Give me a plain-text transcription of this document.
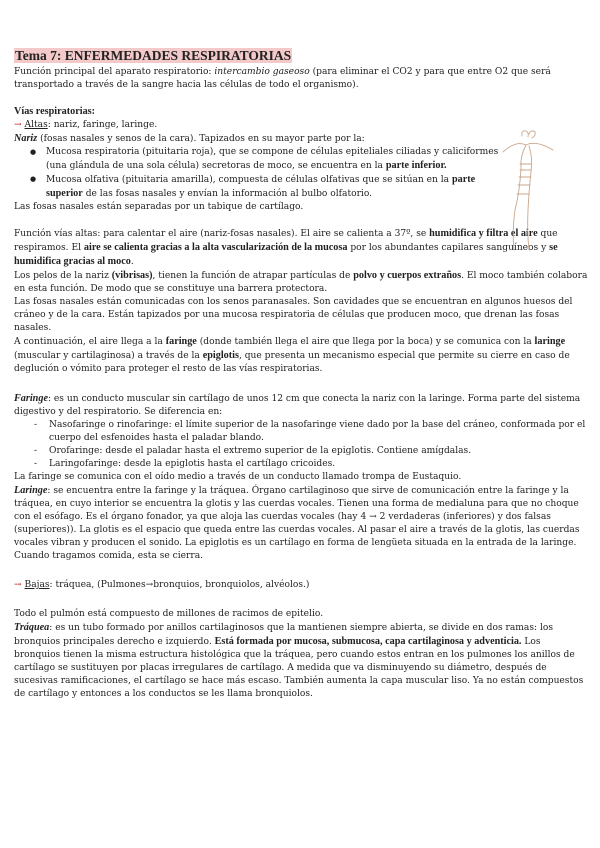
Tema 7: ENFERMEDADES RESPIRATORIAS

Función principal del aparato respiratorio: intercambio gaseoso (para eliminar el CO2 y para que entre O2 que será transportado a través de la sangre hacia las células de todo el organismo).

Vías respiratorias:

→ Altas: nariz, faringe, laringe.

Nariz (fosas nasales y senos de la cara). Tapizados en su mayor parte por la:

● Mucosa respiratoria (pituitaria roja), que se compone de células epiteliales ciliadas y caliciformes (una glándula de una sola célula) secretoras de moco, se encuentra en la parte inferior.
● Mucosa olfativa (pituitaria amarilla), compuesta de células olfativas que se sitúan en la parte superior de las fosas nasales y envían la información al bulbo olfatorio.

Las fosas nasales están separadas por un tabique de cartílago.

Función vías altas: para calentar el aire (nariz-fosas nasales). El aire se calienta a 37º, se humidifica y filtra el aire que respiramos. El aire se calienta gracias a la alta vascularización de la mucosa por los abundantes capilares sanguíneos y se humidifica gracias al moco.

Los pelos de la nariz (vibrisas), tienen la función de atrapar partículas de polvo y cuerpos extraños. El moco también colabora en esta función. De modo que se constituye una barrera protectora.

Las fosas nasales están comunicadas con los senos paranasales. Son cavidades que se encuentran en algunos huesos del cráneo y de la cara. Están tapizados por una mucosa respiratoria de células que producen moco, que drenan las fosas nasales.

A continuación, el aire llega a la faringe (donde también llega el aire que llega por la boca) y se comunica con la laringe (muscular y cartilaginosa) a través de la epiglotis, que presenta un mecanismo especial que permite su cierre en caso de deglución o vómito para proteger el resto de las vías respiratorias.

Faringe: es un conducto muscular sin cartílago de unos 12 cm que conecta la nariz con la laringe. Forma parte del sistema digestivo y del respiratorio. Se diferencia en:

- Nasofaringe o rinofaringe: el límite superior de la nasofaringe viene dado por la base del cráneo, conformada por el cuerpo del esfenoides hasta el paladar blando.
- Orofaringe: desde el paladar hasta el extremo superior de la epiglotis. Contiene amígdalas.
- Laringofaringe: desde la epiglotis hasta el cartílago cricoides.

La faringe se comunica con el oído medio a través de un conducto llamado trompa de Eustaquio.

Laringe: se encuentra entre la faringe y la tráquea. Órgano cartilaginoso que sirve de comunicación entre la faringe y la tráquea, en cuyo interior se encuentra la glotis y las cuerdas vocales. Tienen una forma de medialuna para que no choque con el esófago. Es el órgano fonador, ya que aloja las cuerdas vocales (hay 4 → 2 verdaderas (inferiores) y dos falsas (superiores)). La glotis es el espacio que queda entre las cuerdas vocales. Al pasar el aire a través de la glotis, las cuerdas vocales vibran y producen el sonido. La epiglotis es un cartílago en forma de lengüeta situada en la entrada de la laringe. Cuando tragamos comida, esta se cierra.

→ Bajas: tráquea, (Pulmones→bronquios, bronquiolos, alvéolos.)

Todo el pulmón está compuesto de millones de racimos de epitelio.

Tráquea: es un tubo formado por anillos cartilaginosos que la mantienen siempre abierta, se divide en dos ramas: los bronquios principales derecho e izquierdo. Está formada por mucosa, submucosa, capa cartilaginosa y adventicia. Los bronquios tienen la misma estructura histológica que la tráquea, pero cuando estos entran en los pulmones los anillos de cartílago se sustituyen por placas irregulares de cartílago. A medida que va disminuyendo su diámetro, después de sucesivas ramificaciones, el cartílago se hace más escaso. También aumenta la capa muscular liso. Ya no están compuestos de cartílago y entonces a los conductos se les llama bronquiolos.
